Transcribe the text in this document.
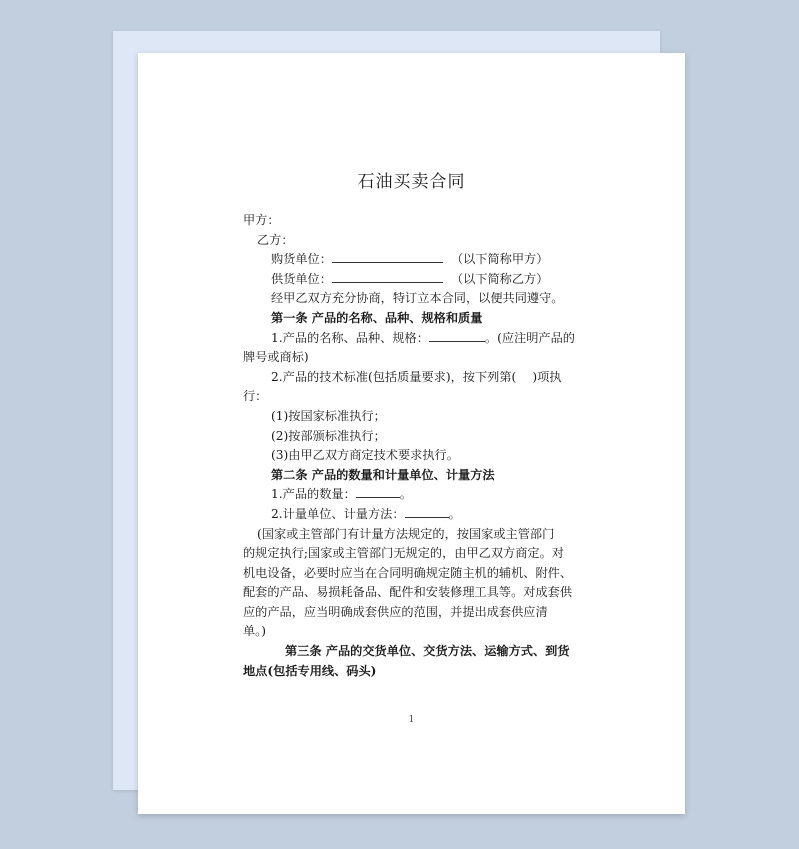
石油买卖合同
甲方：
乙方：
购货单位：	（以下简称甲方）
供货单位：	（以下简称乙方）
经甲乙双方充分协商，特订立本合同，以便共同遵守。
第一条 产品的名称、品种、规格和质量
1.产品的名称、品种、规格：	。(应注明产品的
牌号或商标)
2.产品的技术标准(包括质量要求)，按下列第(　 )项执
行：
(1)按国家标准执行；
(2)按部颁标准执行；
(3)由甲乙双方商定技术要求执行。
第二条 产品的数量和计量单位、计量方法
1.产品的数量：	。
2.计量单位、计量方法：	。
(国家或主管部门有计量方法规定的，按国家或主管部门
的规定执行;国家或主管部门无规定的，由甲乙双方商定。对
机电设备，必要时应当在合同明确规定随主机的辅机、附件、
配套的产品、易损耗备品、配件和安装修理工具等。对成套供
应的产品，应当明确成套供应的范围，并提出成套供应清
单。)
第三条 产品的交货单位、交货方法、运输方式、到货
地点(包括专用线、码头)
1
